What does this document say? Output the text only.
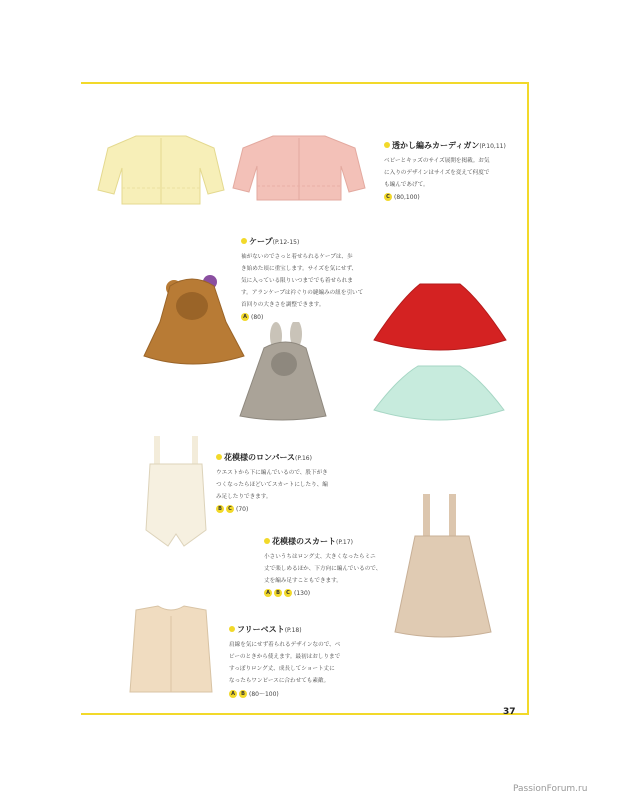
透かし編みカーディガン(P.10,11)
ベビーとキッズのサイズ展開を掲載。お気
に入りのデザインはサイズを変えて何度で
も編んであげて。
C (80,100)
ケープ(P.12-15)
袖がないのでさっと着せられるケープは、歩
き始めた頃に重宝します。サイズを気にせず、
気に入っている限りいつまででも着せられま
す。アランケープは衿ぐりの縫編みの紐を引いて
首回りの大きさを調整できます。
A (80)
花模様のロンパース(P.16)
ウエストから下に編んでいるので、股下がき
つくなったらほどいてスカートにしたり、編
み足したりできます。
B	C (70)
花模様のスカート(P.17)
小さいうちはロング丈、大きくなったらミニ
丈で楽しめるほか、下方向に編んでいるので、
丈を編み足すこともできます。
A	B	C (130)
フリーベスト(P.18)
肩線を気にせず着られるデザインなので、ベ
ビーのときから使えます。最初はおしりまで
すっぽりロング丈、成長してショート丈に
なったらワンピースに合わせても素敵。
A	B (80〜100)
37
PassionForum.ru
